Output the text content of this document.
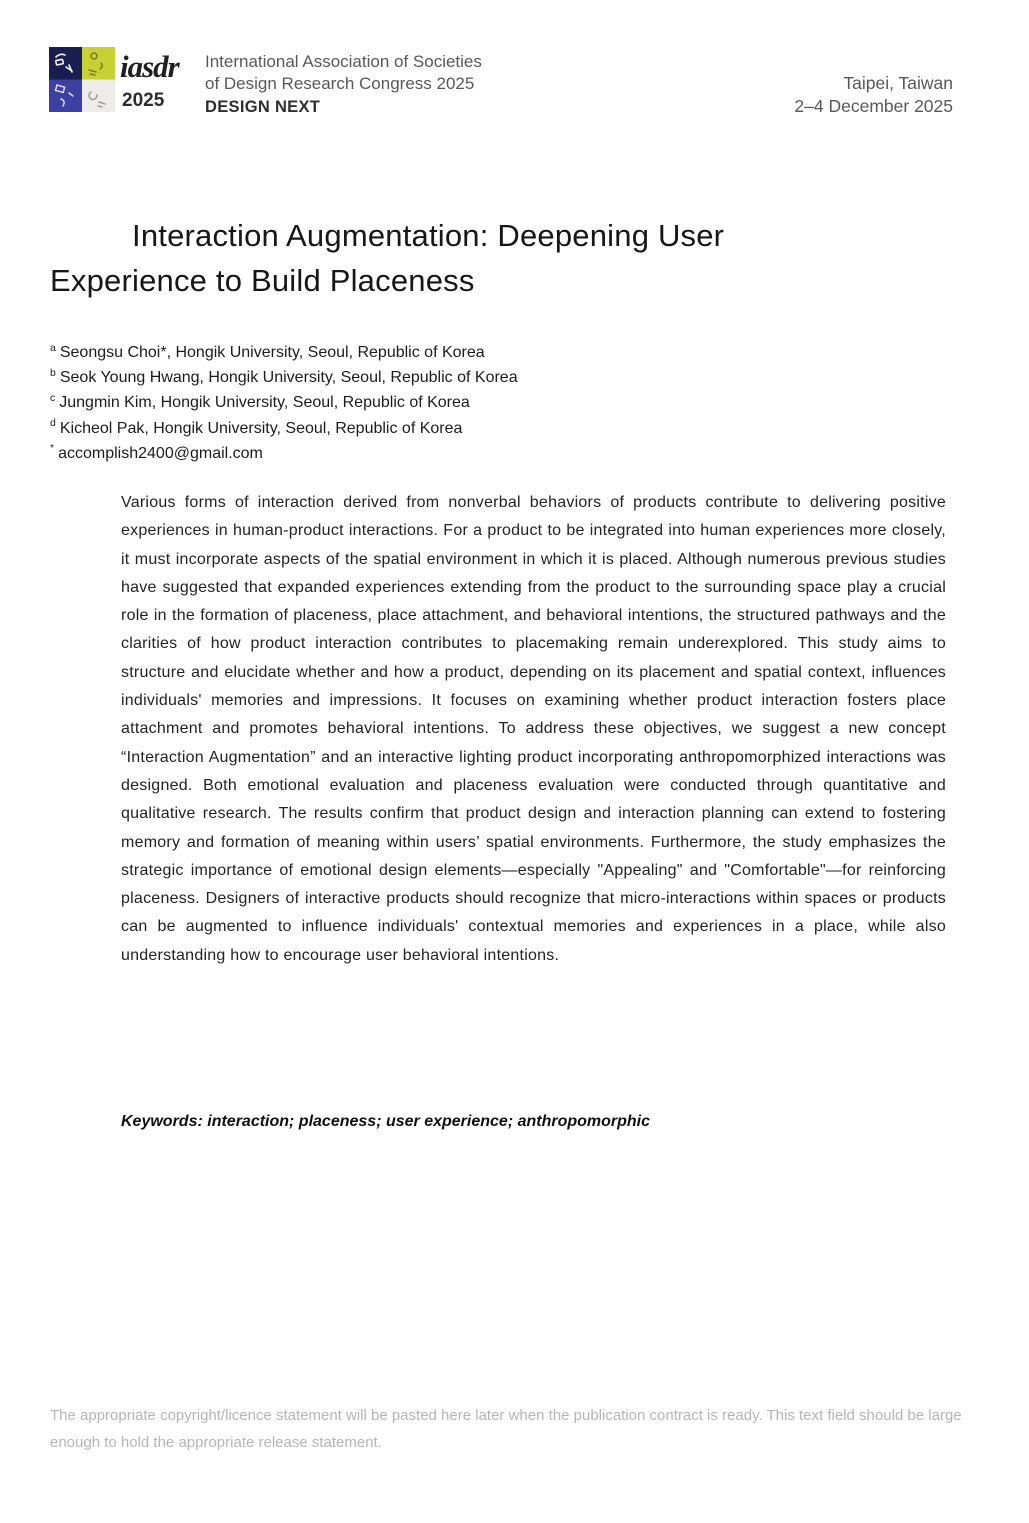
iasdr
2025
International Association of Societies
of Design Research Congress 2025
DESIGN NEXT
Taipei, Taiwan
2–4 December 2025
Interaction Augmentation: Deepening User Experience to Build Placeness
$^a$ Seongsu Choi*, Hongik University, Seoul, Republic of Korea
$^b$ Seok Young Hwang, Hongik University, Seoul, Republic of Korea
$^c$ Jungmin Kim, Hongik University, Seoul, Republic of Korea
$^d$ Kicheol Pak, Hongik University, Seoul, Republic of Korea
* accomplish2400@gmail.com

Various forms of interaction derived from nonverbal behaviors of products contribute to delivering positive experiences in human-product interactions. For a product to be integrated into human experiences more closely, it must incorporate aspects of the spatial environment in which it is placed. Although numerous previous studies have suggested that expanded experiences extending from the product to the surrounding space play a crucial role in the formation of placeness, place attachment, and behavioral intentions, the structured pathways and the clarities of how product interaction contributes to placemaking remain underexplored. This study aims to structure and elucidate whether and how a product, depending on its placement and spatial context, influences individuals' memories and impressions. It focuses on examining whether product interaction fosters place attachment and promotes behavioral intentions. To address these objectives, we suggest a new concept “Interaction Augmentation” and an interactive lighting product incorporating anthropomorphized interactions was designed. Both emotional evaluation and placeness evaluation were conducted through quantitative and qualitative research. The results confirm that product design and interaction planning can extend to fostering memory and formation of meaning within users’ spatial environments. Furthermore, the study emphasizes the strategic importance of emotional design elements—especially "Appealing" and "Comfortable"—for reinforcing placeness. Designers of interactive products should recognize that micro-interactions within spaces or products can be augmented to influence individuals' contextual memories and experiences in a place, while also understanding how to encourage user behavioral intentions.

Keywords: interaction; placeness; user experience; anthropomorphic

The appropriate copyright/licence statement will be pasted here later when the publication contract is ready. This text field should be large enough to hold the appropriate release statement.
